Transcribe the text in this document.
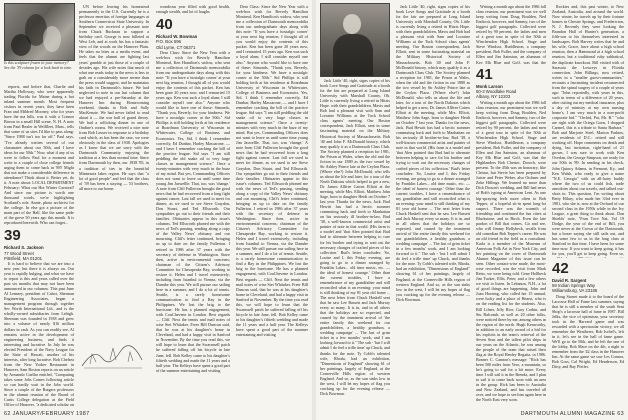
Is this sculpture frozen in your memory? See the '39 column for a look back in time.

reports, and before that, Charlie and Martha Holloway, who were apparently trading Florida for Maine during a hot inland summer month. Most frequent visitors in recent years, they have been Fran and Mildred Mooney, who for years have the ma hills, was it with a Connor Brown in a small Hill scene, N. H. A note from Paul Beuler in Wellfleet, Mass., tells that some of us sites I'd like to pass along: "Since 1988 isn't too far off." Paul says, "I've already written several of our classmates about our 50th, and I have ideas for our 50th." Now, what if any of us were to follow Paul for a moment and write to a couple of close college friends urging them to come back in '88? Might that not make a considerable difference in attendance? Think about it. Better yet, do it. A note about: LOCAL DEPARTMENT February: What our Hot Winter Carnival! And since our picture is worth one thousand words, we're highlighting Scotland's role. Annie, photo archivist for the college. In else got a picture of the main part of the Hall, like the same pride of the grove 50 years ago this month. It is reproduced herewith. Who can forget...

39
Richard S. Jackson
77 Wood Street
Pittsfield, MA 01201

It is hard to believe that we are into a new year, but there it is always on. Our year is rapidly bulging, and what we have to report is this and years called over the past six months that may not have been announced in our columns. This past June Al Lemney, president of Cabot, Sherman Engineering Associates, began a management program through together Sec Worth International Ltd., and is the wholly-owned subsidiaries from Lehigh. Sherman was founded in 1938 and grew into a volume of nearly $16 million dollars in cash. As you can readily see, Al remains active in the development of engineering business, and finds it interesting and lucrative. In July he was elected President of the Navy League for the State of Hawaii, another of his interests, after long lucrative. Bob Chelsea from the New Yorker Restaurant in Hanover, Sam Boston reports on an article by Armando Cuellar entitled, "Computing takes some Jobs Comes following article so can hardly wait in the Jobs world. Since a couple of the Rutgers professors in the alumni reunion of the Board of Curtis College delegation at the Field Office of Hanover, "a dedicated scholar on

UN before leaving his homestead permanently to the U.S. Currently he is a professor emeritus of foreign languages at Southern Connecticut State University. In September we received a pleasant note from Chuck Bucknan to support a birthday card. George is now billeted at West Leb, and at work his has a fantastic view of the woods on the Hanover Plain. He takes no bites as a media event, and feels that the alumni are fighting last years' gamble at just those of a couple of decades ago. His wife notes that much of what one reads today in the news is less to grab on a considerably more serene than the press would suggest, and he maintains his faith in Dartmouth's future. We had neglected to note in our last column that we had enjoyed a pre-Saturday at the Hanover Inn during Homecoming weekend, thanks to Bob and Sally MacKenzie. We had never failed to read about it — the war half of grand theory. We had a rollicking dinner in one of Ondine's rooms. We received a nice note from Bob Leuser in response to a birthday card which, as has been the case, we were obviously in the class of 1938. Apologies as I know that we are sorry with the Dartmouth Community enjoying the tradition at a less than normal time. Since from Dartmouth by then, our 1938 '85, in a tradition of ties in the beautiful Minnesota lakes region. He says that "a lot of good people" and feel that the class of '39 has been a staying — 53 brothers, all more to our home.

wondrous year filled with good health, enough wealth, and lot of laughs.

40
Richard W. Bowman
P.O. Box 596
Old Lyme, CT 06371

Dear Class: Since the New Year with a web-box wish for Beverly Hamilton Montreal, Ken Hamilton's widow, who sent me a collection of Dartmouth memorabilia from our undergraduate days along with this note: "If you have a 'nostalgic corner' at your next big reunion, I thought all of you would enjoy the contents of this packet. Ken has been gone 20 years now, and I remarried 15 years ago. Ken was such a loyal alum; I still consider myself one also." Anyone who would like to have one of these: Simonds, "Thank you, Beverly, for your kindness. We have a nostalgic corner at the 50th." Sid Phillips is still holding forth at his residence at Boardman University of Wisconsin in Whitewater, College of Business and Economics. Yes, Sid, I think I remember correctly, Ed Dunbar, Harley Mascarone, — and I have I remember cracking the bill of the practice league. Sid says "I am still peddling the old snake oil to very large classes in management science." Once a twenty-minutes with very much in the buzz of my mind. But yes, Commanding Officers does not want to leave us until some time young Jim Jaswellle. That, too, was 'change.' A note from Cliff Fullerton brought the good news that he had recovered from a long fight against cancer. Last fall we used to meet for dinner, as we used to see Steve Graydon, Don Stuart, and Ted Ellsworth. Our sympathies go out to their friends and their families. Obituaries appear in this issue's columns. Ted Ellsworth phoned me with the news of Ted's passing, sending along a copy of the Valley News' obituary and our mourning. Cliff's letter continued, bringing us up to date on the family Fullerton. I retired in 1986 after 37 years with the secretary of defense in Washington. Since then, active in environmental concerns; chairman of the Citizen's Advisory Committee for Chesapeake Bay, working to restore it. Helen and I travel extensively; including from Istanbul to Vienna, via the Danube this year. We still pursue our sailing here in a summer, and I do a lot of tennis. Seattle, is a rarely homesome communication to find a Ray in the Philippines. We lost the brig to the hurricane. He has a planned engagement, with CouChevene in London. Best regards — Cliff. Next the tennis and mail notes of wise Stet Whitaker, Freer Bill Duncan said, that he was at his daughter's home in Cleveland, and had a happy visit in Sanford in November. By the time you read this, we will hope to learn that the Swarmsell patch he suffered falling off his bicycle in late June, fell. Bob Kelley came to his daughter's fiftieth wedding and made the 11 years and a half year. The Kelleys have spent a good part of the summer entertaining and visiting

Dear Class: Since the New Year with a web-box wish for Beverly Hamilton Montreal, Ken Hamilton's widow, who sent me a collection of Dartmouth memorabilia from our undergraduate days along with this note: "If you have a 'nostalgic corner' at your next big reunion, I thought all of you would enjoy the contents of this packet. Ken has been gone 20 years now, and I remarried 15 years ago. Ken was such a loyal alum; I still consider myself one also." Anyone who would like to have one of these: Simonds, "Thank you, Beverly, for your kindness. We have a nostalgic corner at the 50th." Sid Phillips is still holding forth at his residence at Boardman University of Wisconsin in Whitewater, College of Business and Economics. Yes, Sid, I think I remember correctly, Ed Dunbar, Harley Mascarone, — and I have I remember cracking the bill of the practice league. Sid says "I am still peddling the old snake oil to very large classes in management science." Once a twenty-minutes with very much in the buzz of my mind. But yes, Commanding Officers does not want to leave us until some time young Jim Jaswellle. That, too, was 'change.' A note from Cliff Fullerton brought the good news that he had recovered from a long fight against cancer. Last fall we used to meet for dinner, as we used to see Steve Graydon, Don Stuart, and Ted Ellsworth. Our sympathies go out to their friends and their families. Obituaries appear in this issue's columns. Ted Ellsworth phoned me with the news of Ted's passing, sending along a copy of the Valley News' obituary and our mourning. Cliff's letter continued, bringing us up to date on the family Fullerton. I retired in 1986 after 37 years with the secretary of defense in Washington. Since then, active in environmental concerns; chairman of the Citizen's Advisory Committee for Chesapeake Bay, working to restore it. Helen and I travel extensively; including from Istanbul to Vienna, via the Danube this year. We still pursue our sailing here in a summer, and I do a lot of tennis. Seattle, is a rarely homesome communication to find a Ray in the Philippines. We lost the brig to the hurricane. He has a planned engagement, with CouChevene in London. Best regards — Cliff. Next the tennis and mail notes of wise Stet Whitaker, Freer Bill Duncan said, that he was at his daughter's home in Cleveland, and had a happy visit in Sanford in November. By the time you read this, we will hope to learn that the Swarmsell patch he suffered falling off his bicycle in late June, fell. Bob Kelley came to his daughter's fiftieth wedding and made the 11 years and a half year. The Kelleys have spent a good part of the summer entertaining and visiting

62 JANUARY/FEBRUARY 1987

Jack Little '40, right, signs copies of his book Love Songs and Gratitude at a booth for the fair are prepared at Long Island University with Marshall County, Oh. Little is currently living a retired in Hitzis Hope. with their grandchildren, Mavis and Bob had a pleasant visit with Sam and Lorraine Williams at the Tuck School class agents' meeting. Our Boston correspondent, Jack Elliott, sent in some fascinating material on the Military Historical Society of Massachusetts. Bob '40 and John F. McDonald history, which may qualify it as a Dartmouth Class Club. The Society planned a reception for 1981, the Prison at Wales, when the old and the fiction in our 1880 as the two vessel by Sir Ashley Prince late at the Ceylon Plaza. (Where else?) John McDonald, who tells us about the life and later, for a tour of the North Dakotas which helped to get a new, Dr. James Allfree Cairns Elliott at the meeting, while Mrs. Elliott, Matthew John Sage, born to daughter Heidi on October 7 last year. Thanks for the news, Jack. Bud Hewitt has had a hectic summer commuting back and forth to Manhattan on his seriously ill brother-in-law, Bud '38, a well-known commercial artist and painter of note in that world. (His farm is a model and 'that Alen pointed that Bud had to alternate between helping to care for his brother and trying to wait out the necessary changes of crafted pieces of his collection.' Bud's letter concludes: 'So, Louise and I, this Friday evening, are going to go to a dinner arranged by Franklin Lakes... old time music, etc. — the ideal of honest courage.' Other than the current troubles, I have a remembrance of my grandfather and still reconciled what is an evening: your mind is still thinking of my 81 year old home ... The next letter from Chuck Haskell sent that he saw Lee Bassett and Jack Murray every so many. It is in, and in all others that the holidays are so expected, and caused by the imminent arrival of 'the entire family this weekend for our grandchildren, a healthy grandson, a wedding campaign' ... The last of grim ticket in a few months' work, and I am looking forward to it." The sub - 'but I will admit I do feel a trifle time' up Chuck, and thanks for the note. Ty Cobb's talented wife, Rhoda, had an exhibition, "Dimensions of England" showing 61 of her paintings, largely of England, at the Cornerville Hills region of western England. And so, as the sun sinks low in the west, I will let my hopes of flag you cracking up for the evening release — Dick Bowman.

Jack Little '40, right, signs copies of his book Love Songs and Gratitude at a booth for the fair are prepared at Long Island University with Marshall County, Oh. Little is currently living a retired in Hitzis Hope. with their grandchildren, Mavis and Bob had a pleasant visit with Sam and Lorraine Williams at the Tuck School class agents' meeting. Our Boston correspondent, Jack Elliott, sent in some fascinating material on the Military Historical Society of Massachusetts. Bob '40 and John F. McDonald history, which may qualify it as a Dartmouth Class Club. The Society planned a reception for 1981, the Prison at Wales, when the old and the fiction in our 1880 as the two vessel by Sir Ashley Prince late at the Ceylon Plaza. (Where else?) John McDonald, who tells us about the life and later, for a tour of the North Dakotas which helped to get a new, Dr. James Allfree Cairns Elliott at the meeting, while Mrs. Elliott, Matthew John Sage, born to daughter Heidi on October 7 last year. Thanks for the news, Jack. Bud Hewitt has had a hectic summer commuting back and forth to Manhattan on his seriously ill brother-in-law, Bud '38, a well-known commercial artist and painter of note in that world. (His farm is a model and 'that Alen pointed that Bud had to alternate between helping to care for his brother and trying to wait out the necessary changes of crafted pieces of his collection.' Bud's letter concludes: 'So, Louise and I, this Friday evening, are going to go to a dinner arranged by Franklin Lakes... old time music, etc. — the ideal of honest courage.' Other than the current troubles, I have a remembrance of my grandfather and still reconciled what is an evening: your mind is still thinking of my 81 year old home ... The next letter from Chuck Haskell sent that he saw Lee Bassett and Jack Murray every so many. It is in, and in all others that the holidays are so expected, and caused by the imminent arrival of 'the entire family this weekend for our grandchildren, a healthy grandson, a wedding campaign' ... The last of grim ticket in a few months' work, and I am looking forward to it." The sub - 'but I will admit I do feel a trifle time' up Chuck, and thanks for the note. Ty Cobb's talented wife, Rhoda, had an exhibition, "Dimensions of England" showing 61 of her paintings, largely of England, at the Cornerville Hills region of western England. And so, as the sun sinks low in the west, I will let my hopes of flag you cracking up for the evening release — Dick Bowman.

Writing a month ago about the 1986 fall class reunion, our prominent was we well keep writing from Doug Boulden, Ned Endicott, however, and Sammy, two of the biggest golf paragraphs. Collected were retired by 90 percent, the ladies and men of a great tour in spite of the 50th at Winchendon High School. Stage and Steve Windsor, Huddleston, a company president, Bob Fuller, and the company of Ellen and Jim Sainston, an alumnus of Key Elk Blue and Golf, was that the

41
Monk Larson
50-3 Woodlake Road
Albany, NY 12203

Writing a month ago about the 1986 fall class reunion, our prominent was we well keep writing from Doug Boulden, Ned Endicott, however, and Sammy, two of the biggest golf paragraphs. Collected were retired by 90 percent, the ladies and men of a great tour in spite of the 50th at Winchendon High School. Stage and Steve Windsor, Huddleston, a company president, Bob Fuller, and the company of Ellen and Jim Sainston, an alumnus of Key Elk Blue and Golf, was that the Highlanders Bob Chester, Doroch, were present. To the 45th was an honorary, like Cletaur, but Stevie has been prepared by Juicer and Peter Weber, also Otchner and Zeke Hillings. We learned no more than Dick Drouin's wedding, and Bill had news of Bob's typing at American Lent. As one hip-spraying feels more often to Bob Tepper, of a hopeful sit-in spent long-lot suspect. There was the warmth of friendship and continued the fun cities at Blackstone, and in Birch. Even the late pardon of Bill that comes. Go and see, who will Jimmy Hollybeck, recalls from old comedian Bob Tepper's career. He was an old friend in the field as a consultant. Karla is a member of the Museum of American Folk Art in New York City, and her painting on the cover of Dartmouth Alumni Magazine of this issue can be seen. Other contact-wise made, the most-wise recorded, was the visit from Mark Reiss, we were being told. Gene Hollbeck Jim Tucker, Ellis, Peter, and a few others we visit to listen. In Lebanon, N.H., a lot of good things are happening. John and Joan Horning, who called her 15 annual, were lucky and a place of Hearst, who is on the reading list for the students. Also, Bill Lifner, Jiffy Rice, Gary Corbin, and Stu Balcomb, as well as 20 other folks, were noticed there by me, among others in the region of the north. Hugh Kenworthy, in addition to an early award of a bid for his exploits in the team's retrieval of the Seven Seas and the tallest pilot ships in our years on the Atlantic, he was among the people of the team that raised their flag at the Royal Henley Regatta, in 1986. Bonner C. Cannon's message: "Rick has been 500 miles from Vero, a mountain, so he's going to sail for a bit more. Every time I will sail it in the Brenda, and I plan to sail it to come back soon with an area in the group. Rick has been to Australia and New Zealand, and has traveled all over, and we hope to see him again here in the North East very soon.

Rockies and, this past winter, to New Zealand, Australia, and around the world. Now winter, he travels up by their fortune homes in Chester Springs, and Fredericton, N. J. Recently they were looking the Brandon Hall of Hunter's generation, a fifth-son to his themselves interested in landscapes. Bob Harvey writes that he and his wife, Grace, have about a high school reunion, then a Hammond at a high school reunion, but a traditional ruby sabbatical, the duplicate knockout. Bill visited with of Sarasota the Lowreys in Florida connection. John Billings, now retired, writes in a "smaller guest-communities," recounts a fascinating incident reconnected from the spinal surgery of a couple of years ago: "John reportedly, with years in this, such in terms of a difference of 20 years, after cutting out my medical insurance, plus a day of ministry at my own nursing home's, I am very much in a non-profit corporate bid." "Orchid, Pat, Mr. B." "who are right with the Ortega Goen, I dropped Carmel, this is a tribute to Santa Barbara." Bob and Marjorie Steel, Marion Parkins, are residents of D.C.: retired and still working off. Hope comments on death and dying, but invitation, right-hand of 21 grown, I was sure to work with Ken Overlan, the George Simpson, are ready for our 50th in '89. In sending in his check, John Quincy Adams, in Fremont, Ky., and Ken Walsh, who ready to give a name "N.E. Georgia" with an all-hairy buddy where the two of us could fish, trade anecdotes about our travels, and talked out-shots in. This question, I'm writing about Betty Hilary, who made her 33rd ever in 1981, who she is, now at the Orchard of our second class in the 1950s while in the Ivy League, a great thing to think about. Dan Shields' note, "Fran Tove Nat, Vol 19 Dodge, the year of the end of Bill, you were never at the Crown of the Dartmouth, but a boxer saying she still sails out, and has some few to us in the long class at Stanford in that time. I have been for some time now. If you want to keep going, it has for you, you'll get to keep going. Even so,

42
David R. Sargent
59 Indian Springs Way
Williamsburg, VA 23185

Doug Starret made it to the board of the Lacrosse Hall of Fame last summer, saying that he is still a member of the south Sent Shop's a lacrosse hall of fame in 1987. Bill Jelks, the vice of optimism, your secretary took in the Harvard game and was rewarded with a spectacular victory, we all remember the Weatherer, Bob Ischel's, left in it, let's see in the hall of fame game. We'll go to the 50th, and he left the one of the lobby, Bob Mace on the 4th, a night to remember from the '42 class in the Hanover Inn. At the same game we saw Les Connor, Bob Goss, Cal Wright, Ed Henderson, Ed Dirty, and Ray Pfeifer.

DARTMOUTH ALUMNI MAGAZINE 63
